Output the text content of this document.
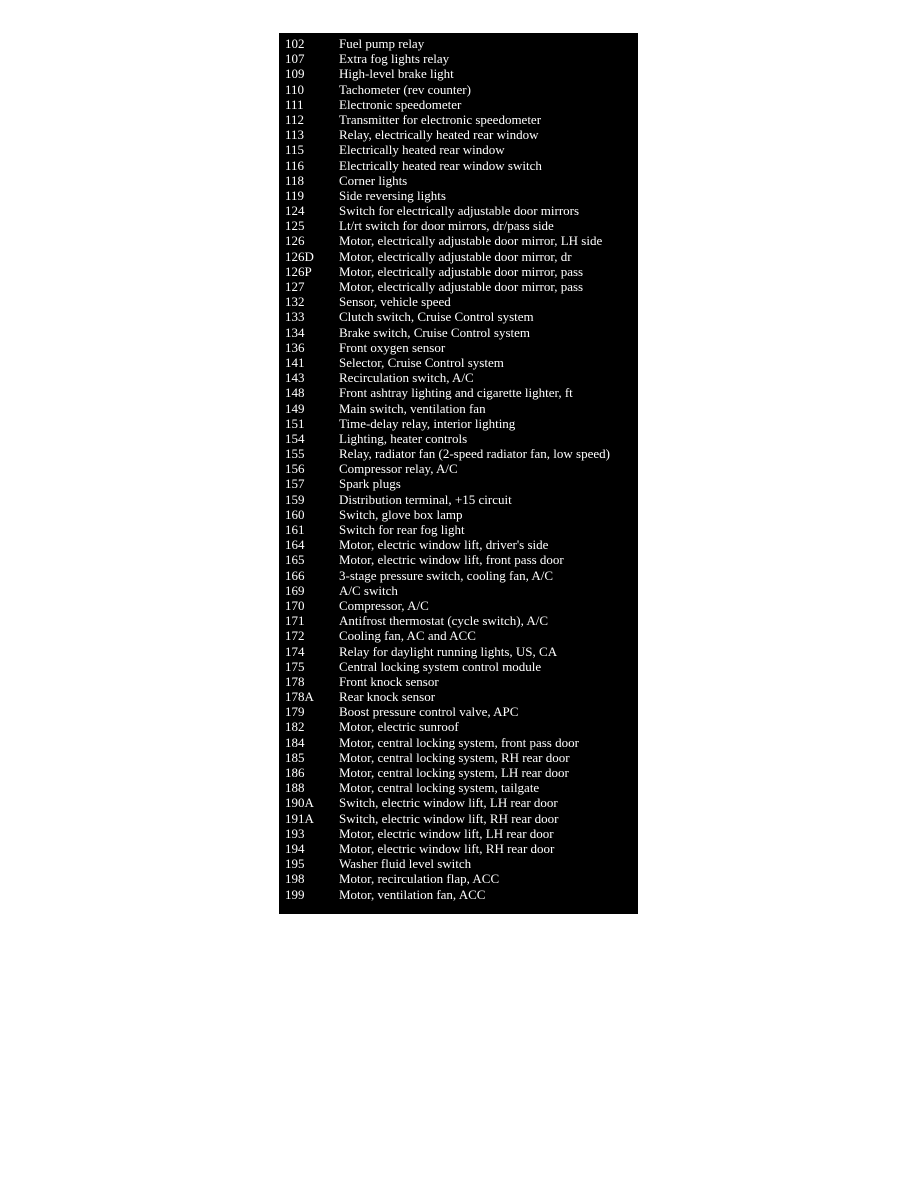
102	Fuel pump relay
107	Extra fog lights relay
109	High-level brake light
110	Tachometer (rev counter)
111	Electronic speedometer
112	Transmitter for electronic speedometer
113	Relay, electrically heated rear window
115	Electrically heated rear window
116	Electrically heated rear window switch
118	Corner lights
119	Side reversing lights
124	Switch for electrically adjustable door mirrors
125	Lt/rt switch for door mirrors, dr/pass side
126	Motor, electrically adjustable door mirror, LH side
126D	Motor, electrically adjustable door mirror, dr
126P	Motor, electrically adjustable door mirror, pass
127	Motor, electrically adjustable door mirror, pass
132	Sensor, vehicle speed
133	Clutch switch, Cruise Control system
134	Brake switch, Cruise Control system
136	Front oxygen sensor
141	Selector, Cruise Control system
143	Recirculation switch, A/C
148	Front ashtray lighting and cigarette lighter, ft
149	Main switch, ventilation fan
151	Time-delay relay, interior lighting
154	Lighting, heater controls
155	Relay, radiator fan (2-speed radiator fan, low speed)
156	Compressor relay, A/C
157	Spark plugs
159	Distribution terminal, +15 circuit
160	Switch, glove box lamp
161	Switch for rear fog light
164	Motor, electric window lift, driver's side
165	Motor, electric window lift, front pass door
166	3-stage pressure switch, cooling fan, A/C
169	A/C switch
170	Compressor, A/C
171	Antifrost thermostat (cycle switch), A/C
172	Cooling fan, AC and ACC
174	Relay for daylight running lights, US, CA
175	Central locking system control module
178	Front knock sensor
178A	Rear knock sensor
179	Boost pressure control valve, APC
182	Motor, electric sunroof
184	Motor, central locking system, front pass door
185	Motor, central locking system, RH rear door
186	Motor, central locking system, LH rear door
188	Motor, central locking system, tailgate
190A	Switch, electric window lift, LH rear door
191A	Switch, electric window lift, RH rear door
193	Motor, electric window lift, LH rear door
194	Motor, electric window lift, RH rear door
195	Washer fluid level switch
198	Motor, recirculation flap, ACC
199	Motor, ventilation fan, ACC
